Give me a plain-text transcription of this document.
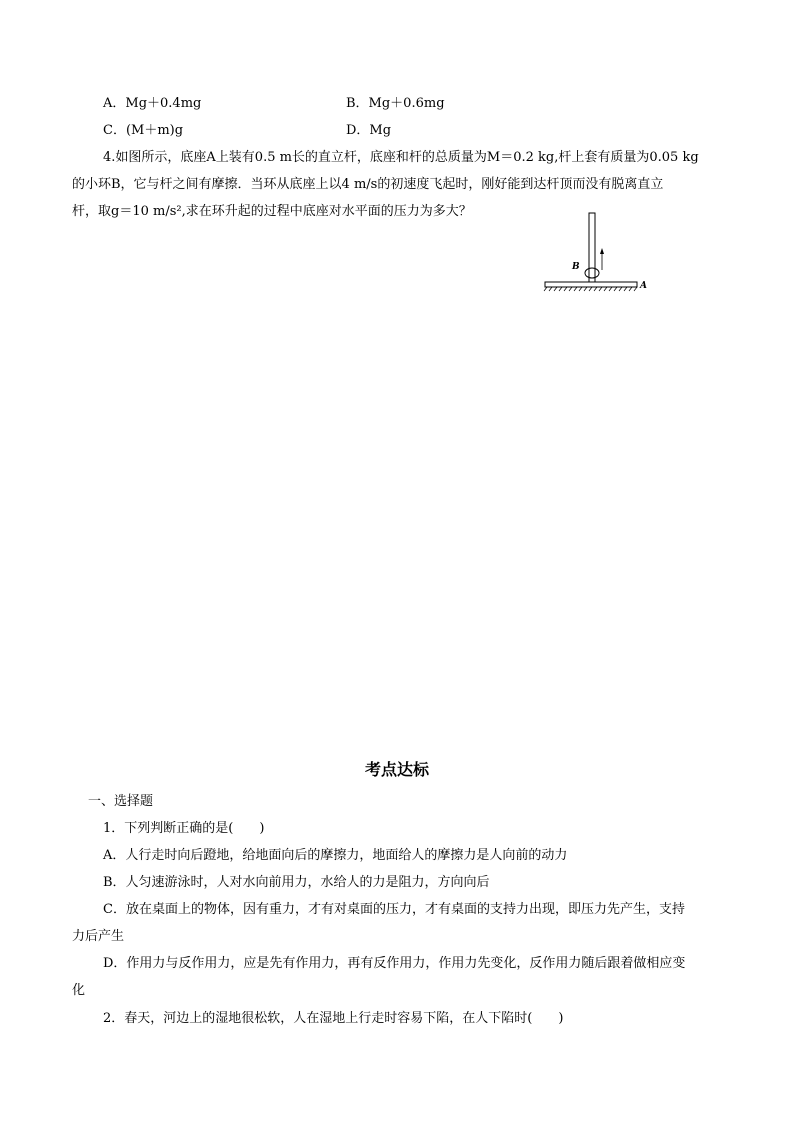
A．Mg＋0.4mg	B．Mg＋0.6mg
C．(M＋m)g	D．Mg
4.如图所示，底座A上装有0.5 m长的直立杆，底座和杆的总质量为M＝0.2 kg,杆上套有质量为0.05 kg
的小环B，它与杆之间有摩擦．当环从底座上以4 m/s的初速度飞起时，刚好能到达杆顶而没有脱离直立
杆，取g＝10 m/s²,求在环升起的过程中底座对水平面的压力为多大？
B
A
考点达标
一、选择题
1．下列判断正确的是(　　)
A．人行走时向后蹬地，给地面向后的摩擦力，地面给人的摩擦力是人向前的动力
B．人匀速游泳时，人对水向前用力，水给人的力是阻力，方向向后
C．放在桌面上的物体，因有重力，才有对桌面的压力，才有桌面的支持力出现，即压力先产生，支持
力后产生
D．作用力与反作用力，应是先有作用力，再有反作用力，作用力先变化，反作用力随后跟着做相应变
化
2．春天，河边上的湿地很松软，人在湿地上行走时容易下陷，在人下陷时(　　)
